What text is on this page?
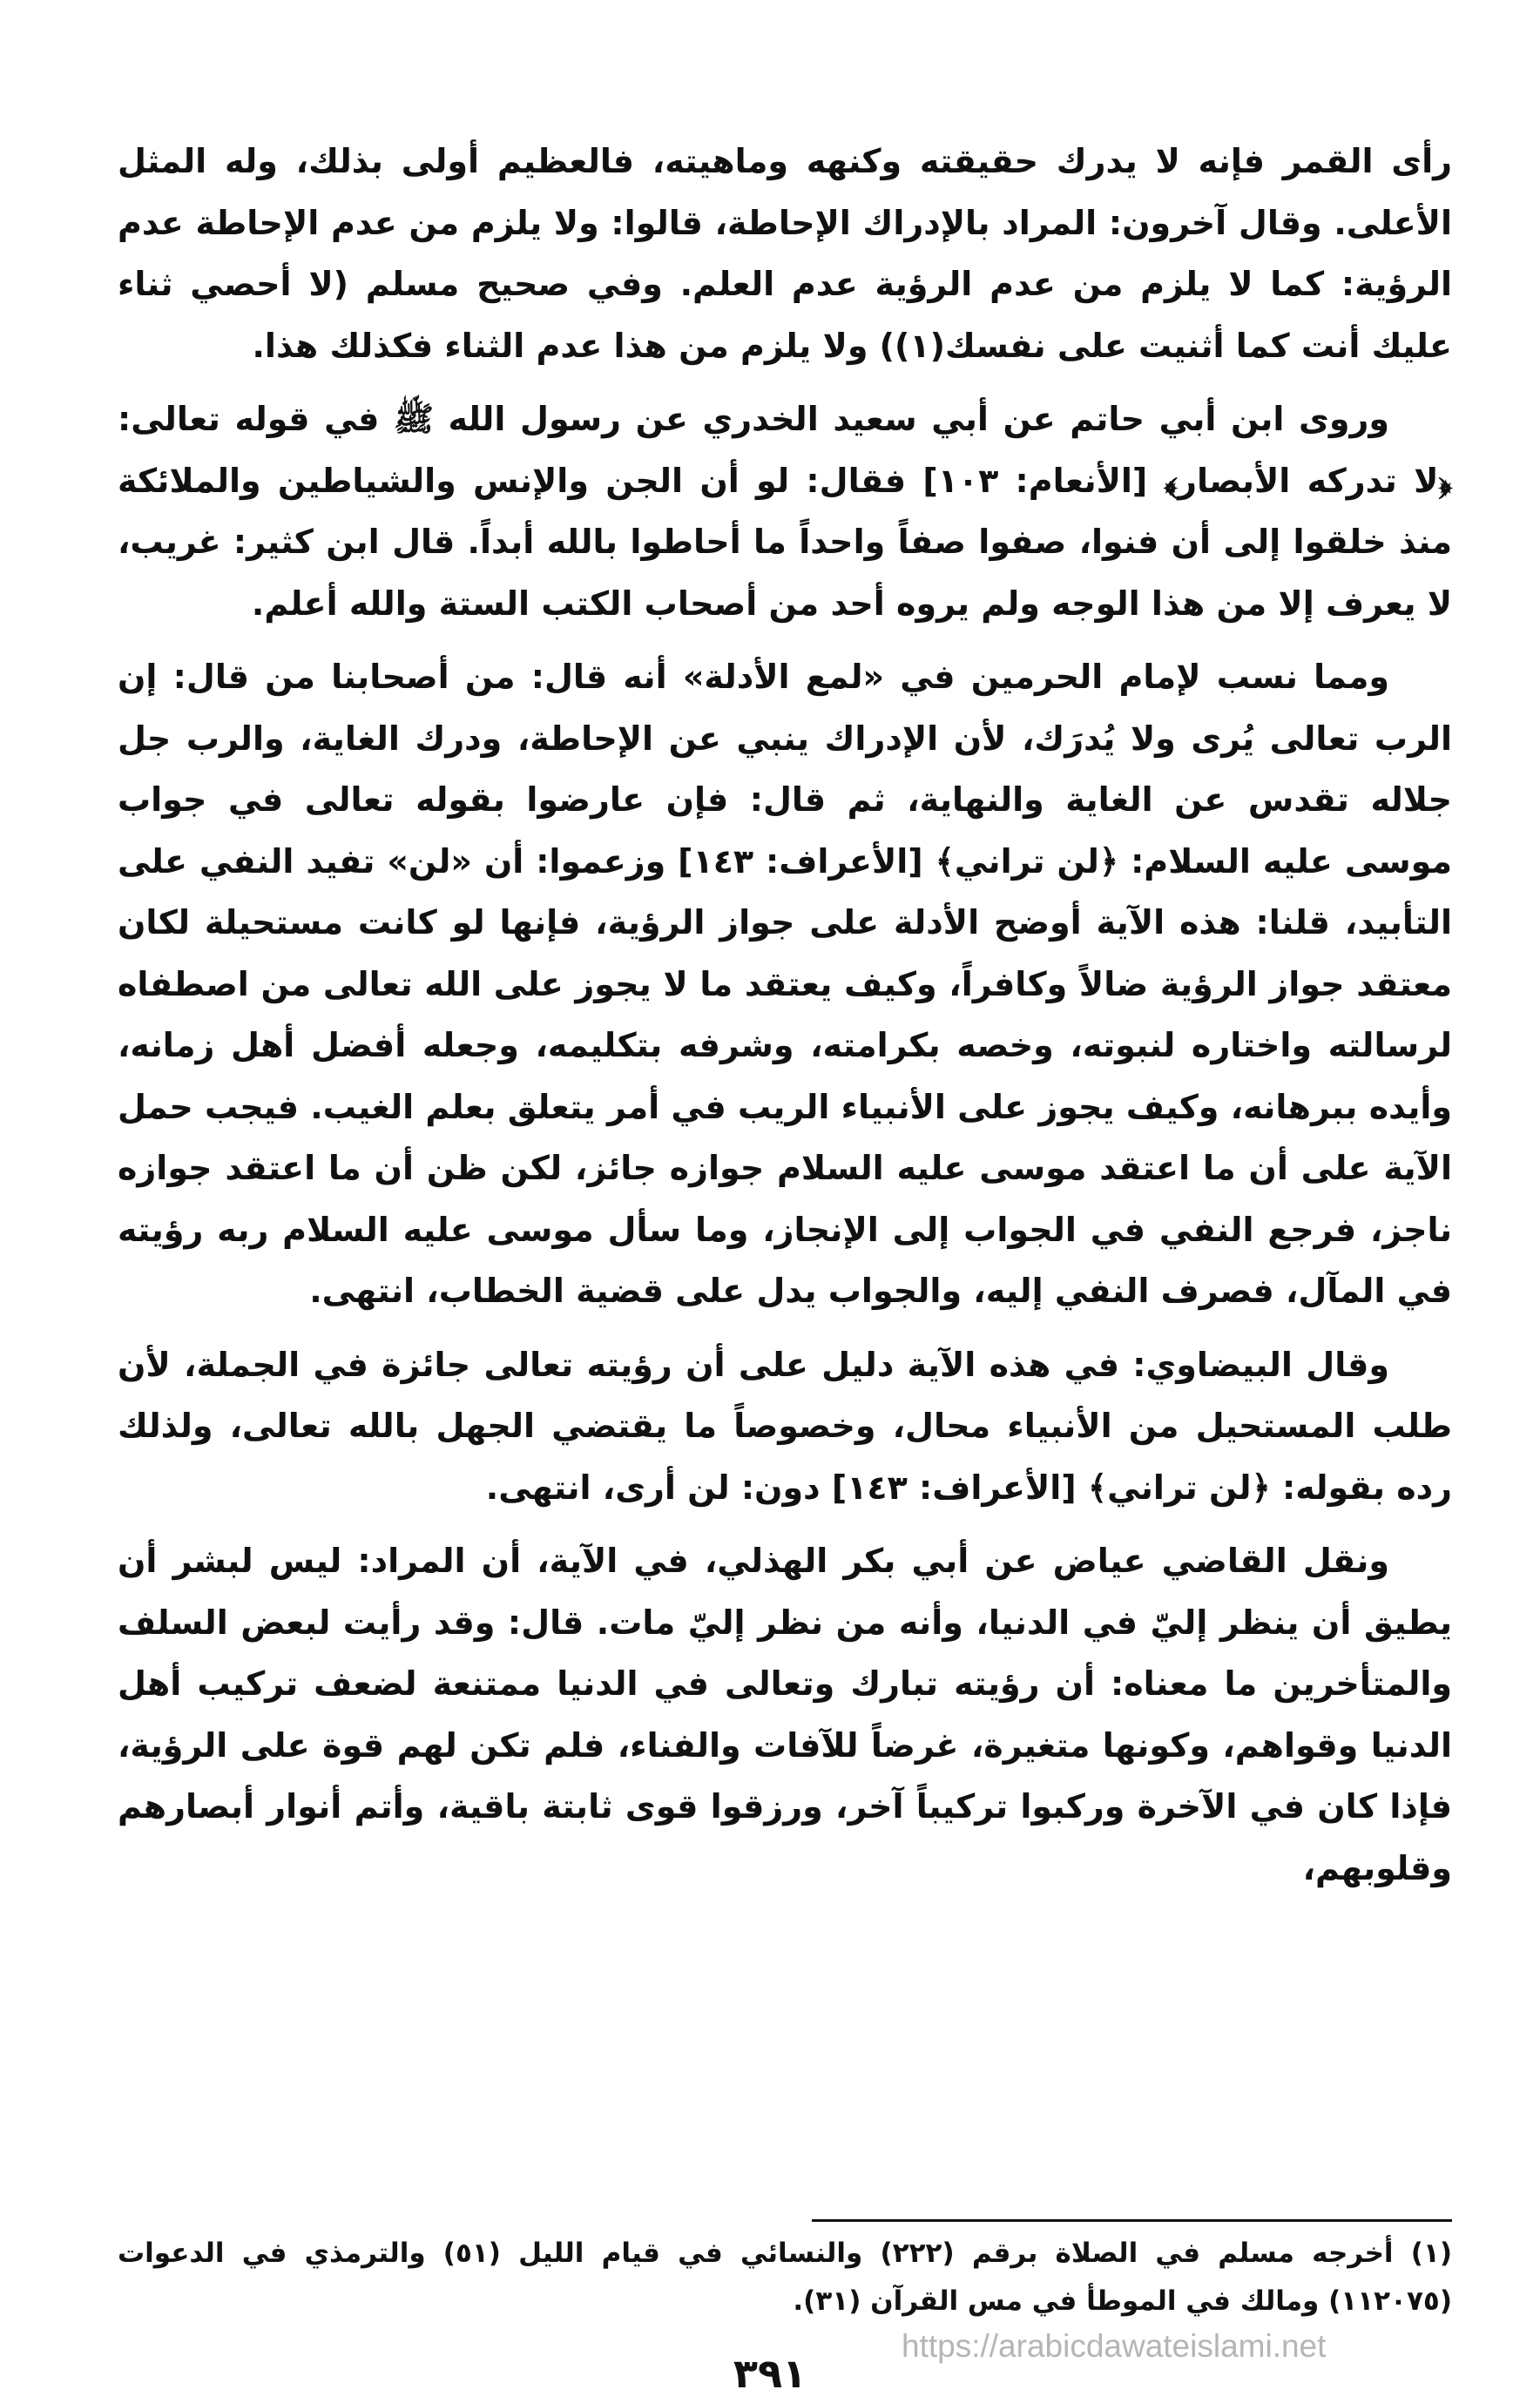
رأى القمر فإنه لا يدرك حقيقته وكنهه وماهيته، فالعظيم أولى بذلك، وله المثل الأعلى. وقال آخرون: المراد بالإدراك الإحاطة، قالوا: ولا يلزم من عدم الإحاطة عدم الرؤية: كما لا يلزم من عدم الرؤية عدم العلم. وفي صحيح مسلم (لا أحصي ثناء عليك أنت كما أثنيت على نفسك(١)) ولا يلزم من هذا عدم الثناء فكذلك هذا.

وروى ابن أبي حاتم عن أبي سعيد الخدري عن رسول الله ﷺ في قوله تعالى: ﴿لا تدركه الأبصار﴾ [الأنعام: ١٠٣] فقال: لو أن الجن والإنس والشياطين والملائكة منذ خلقوا إلى أن فنوا، صفوا صفاً واحداً ما أحاطوا بالله أبداً. قال ابن كثير: غريب، لا يعرف إلا من هذا الوجه ولم يروه أحد من أصحاب الكتب الستة والله أعلم.

ومما نسب لإمام الحرمين في «لمع الأدلة» أنه قال: من أصحابنا من قال: إن الرب تعالى يُرى ولا يُدرَك، لأن الإدراك ينبي عن الإحاطة، ودرك الغاية، والرب جل جلاله تقدس عن الغاية والنهاية، ثم قال: فإن عارضوا بقوله تعالى في جواب موسى عليه السلام: ﴿لن تراني﴾ [الأعراف: ١٤٣] وزعموا: أن «لن» تفيد النفي على التأبيد، قلنا: هذه الآية أوضح الأدلة على جواز الرؤية، فإنها لو كانت مستحيلة لكان معتقد جواز الرؤية ضالاً وكافراً، وكيف يعتقد ما لا يجوز على الله تعالى من اصطفاه لرسالته واختاره لنبوته، وخصه بكرامته، وشرفه بتكليمه، وجعله أفضل أهل زمانه، وأيده ببرهانه، وكيف يجوز على الأنبياء الريب في أمر يتعلق بعلم الغيب. فيجب حمل الآية على أن ما اعتقد موسى عليه السلام جوازه جائز، لكن ظن أن ما اعتقد جوازه ناجز، فرجع النفي في الجواب إلى الإنجاز، وما سأل موسى عليه السلام ربه رؤيته في المآل، فصرف النفي إليه، والجواب يدل على قضية الخطاب، انتهى.

وقال البيضاوي: في هذه الآية دليل على أن رؤيته تعالى جائزة في الجملة، لأن طلب المستحيل من الأنبياء محال، وخصوصاً ما يقتضي الجهل بالله تعالى، ولذلك رده بقوله: ﴿لن تراني﴾ [الأعراف: ١٤٣] دون: لن أرى، انتهى.

ونقل القاضي عياض عن أبي بكر الهذلي، في الآية، أن المراد: ليس لبشر أن يطيق أن ينظر إليّ في الدنيا، وأنه من نظر إليّ مات. قال: وقد رأيت لبعض السلف والمتأخرين ما معناه: أن رؤيته تبارك وتعالى في الدنيا ممتنعة لضعف تركيب أهل الدنيا وقواهم، وكونها متغيرة، غرضاً للآفات والفناء، فلم تكن لهم قوة على الرؤية، فإذا كان في الآخرة وركبوا تركيباً آخر، ورزقوا قوى ثابتة باقية، وأتم أنوار أبصارهم وقلوبهم،

(١) أخرجه مسلم في الصلاة برقم (٢٢٢) والنسائي في قيام الليل (٥١) والترمذي في الدعوات (١١٢٠٧٥) ومالك في الموطأ في مس القرآن (٣١).

https://arabicdawateislami.net
٣٩١
